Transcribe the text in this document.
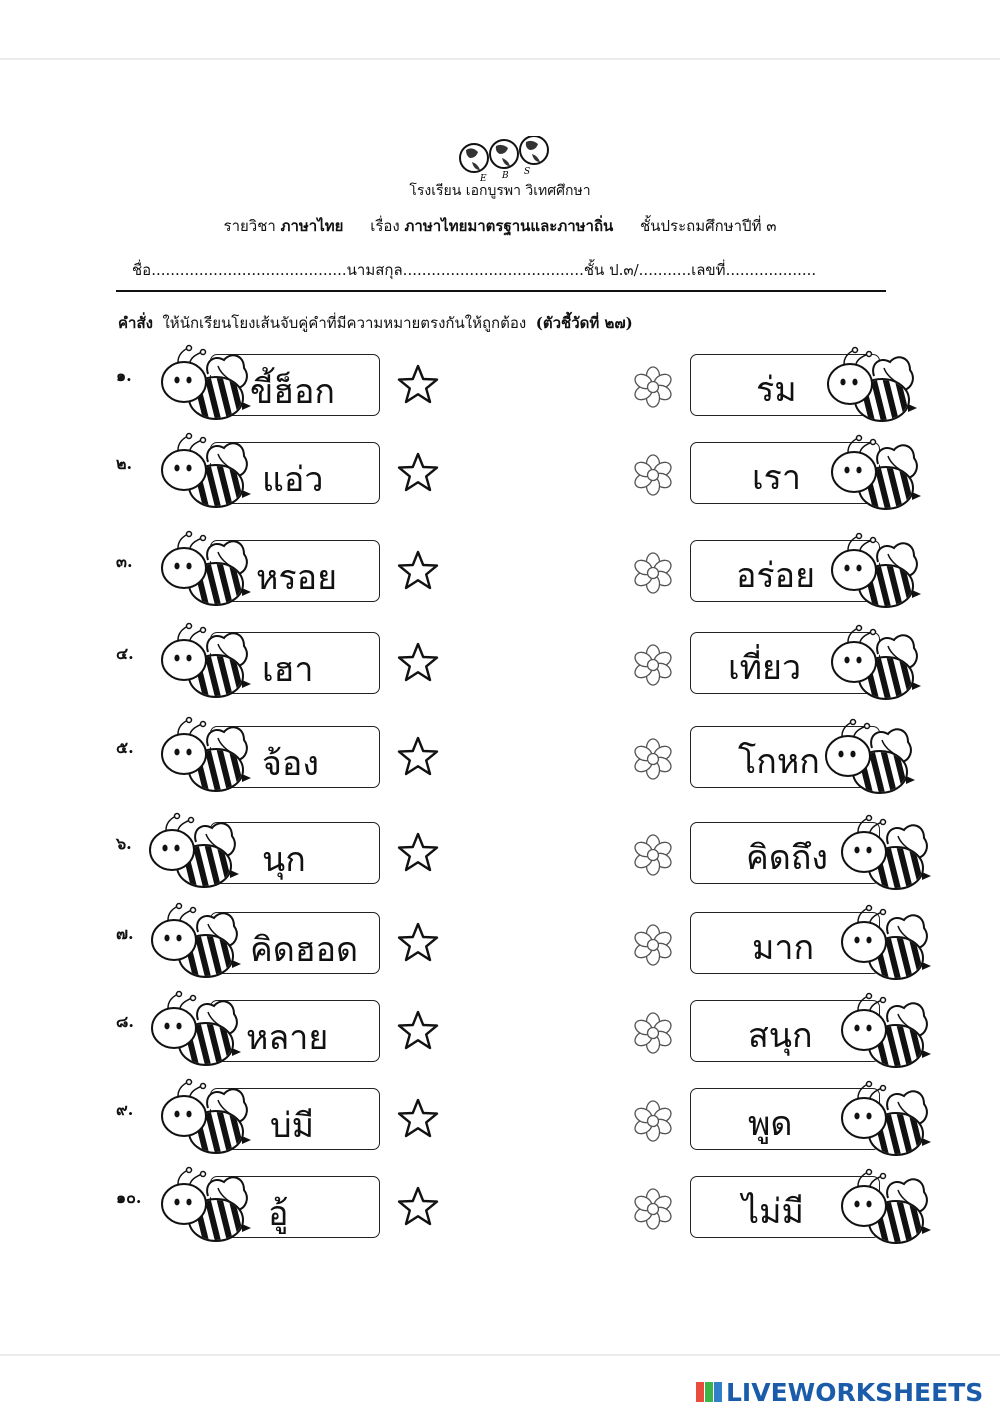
E B S
โรงเรียน เอกบูรพา วิเทศศึกษา
รายวิชา ภาษาไทย เรื่อง ภาษาไทยมาตรฐานและภาษาถิ่น ชั้นประถมศึกษาปีที่ ๓
ชื่อ.........................................นามสกุล......................................ชั้น ป.๓/...........เลขที่...................
คำสั่ง ให้นักเรียนโยงเส้นจับคู่คำที่มีความหมายตรงกันให้ถูกต้อง (ตัวชี้วัดที่ ๒๗)
๑.	ขี้ฮ็อก	ร่ม
๒.	แอ่ว	เรา
๓.	หรอย	อร่อย
๔.	เฮา	เที่ยว
๕.	จ้อง	โกหก
๖.	นุก	คิดถึง
๗.	คิดฮอด	มาก
๘.	หลาย	สนุก
๙.	บ่มี	พูด
๑๐.	อู้	ไม่มี
LIVEWORKSHEETS
